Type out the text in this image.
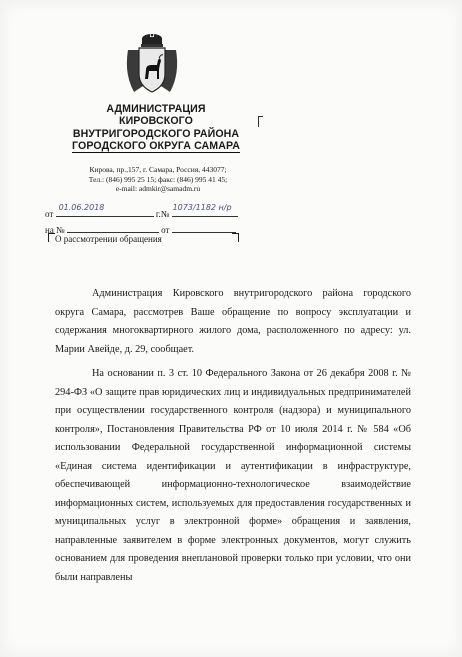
АДМИНИСТРАЦИЯ
КИРОВСКОГО
ВНУТРИГОРОДСКОГО РАЙОНА
ГОРОДСКОГО ОКРУГА САМАРА
Кирова, пр.,157, г. Самара, Россия, 443077;
Тел.: (846) 995 25 15; факс: (846) 995 41 45;
e-mail: admkir@samadm.ru
от
01.06.2018
г.№
1073/1182 н/р
на №	от
О рассмотрении обращения

Администрация Кировского внутригородского района городского округа Самара, рассмотрев Ваше обращение по вопросу эксплуатации и содержания многоквартирного жилого дома, расположенного по адресу: ул. Марии Авейде, д. 29, сообщает.

На основании п. 3 ст. 10 Федерального Закона от 26 декабря 2008 г. № 294-ФЗ «О защите прав юридических лиц и индивидуальных предпринимателей при осуществлении государственного контроля (надзора) и муниципального контроля», Постановления Правительства РФ от 10 июля 2014 г. № 584 «Об использовании Федеральной государственной информационной системы «Единая система идентификации и аутентификации в инфраструктуре, обеспечивающей информационно-технологическое взаимодействие информационных систем, используемых для предоставления государственных и муниципальных услуг в электронной форме» обращения и заявления, направленные заявителем в форме электронных документов, могут служить основанием для проведения внеплановой проверки только при условии, что они были направлены
